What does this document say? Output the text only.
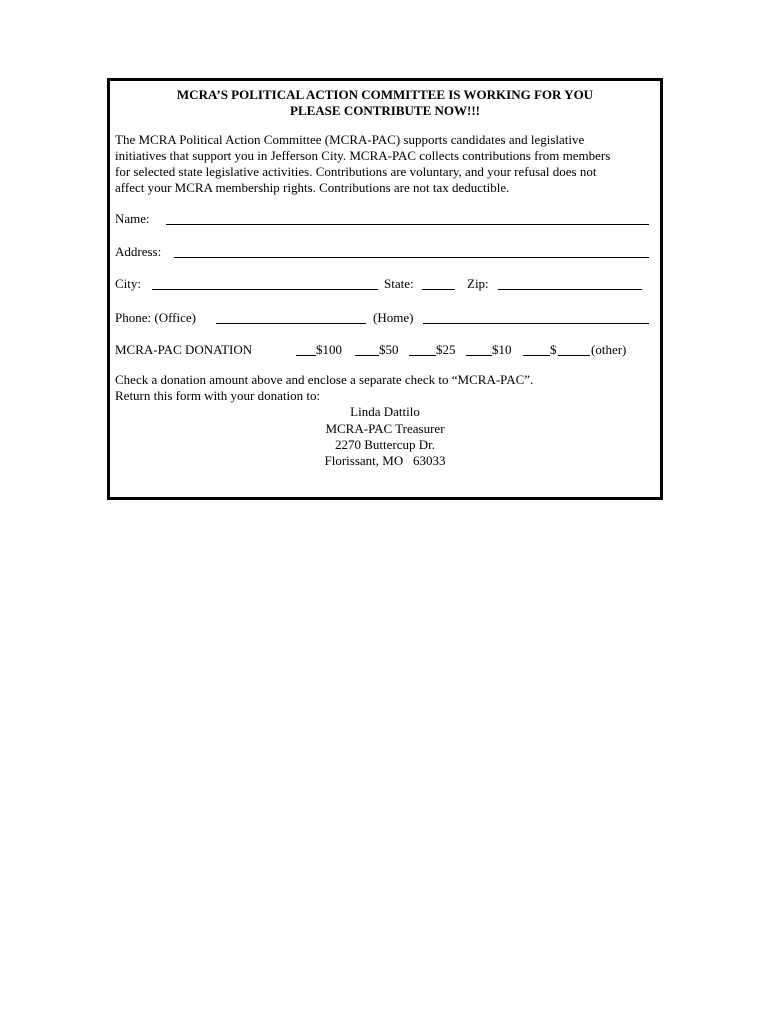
MCRA’S POLITICAL ACTION COMMITTEE IS WORKING FOR YOU
PLEASE CONTRIBUTE NOW!!!
The MCRA Political Action Committee (MCRA-PAC) supports candidates and legislative
initiatives that support you in Jefferson City. MCRA-PAC collects contributions from members
for selected state legislative activities. Contributions are voluntary, and your refusal does not
affect your MCRA membership rights. Contributions are not tax deductible.
Name:
Address:
City:	State:	Zip:
Phone: (Office)	(Home)
MCRA-PAC DONATION	$100	$50	$25	$10	$	(other)
Check a donation amount above and enclose a separate check to “MCRA-PAC”.
Return this form with your donation to:
Linda Dattilo
MCRA-PAC Treasurer
2270 Buttercup Dr.
Florissant, MO   63033
